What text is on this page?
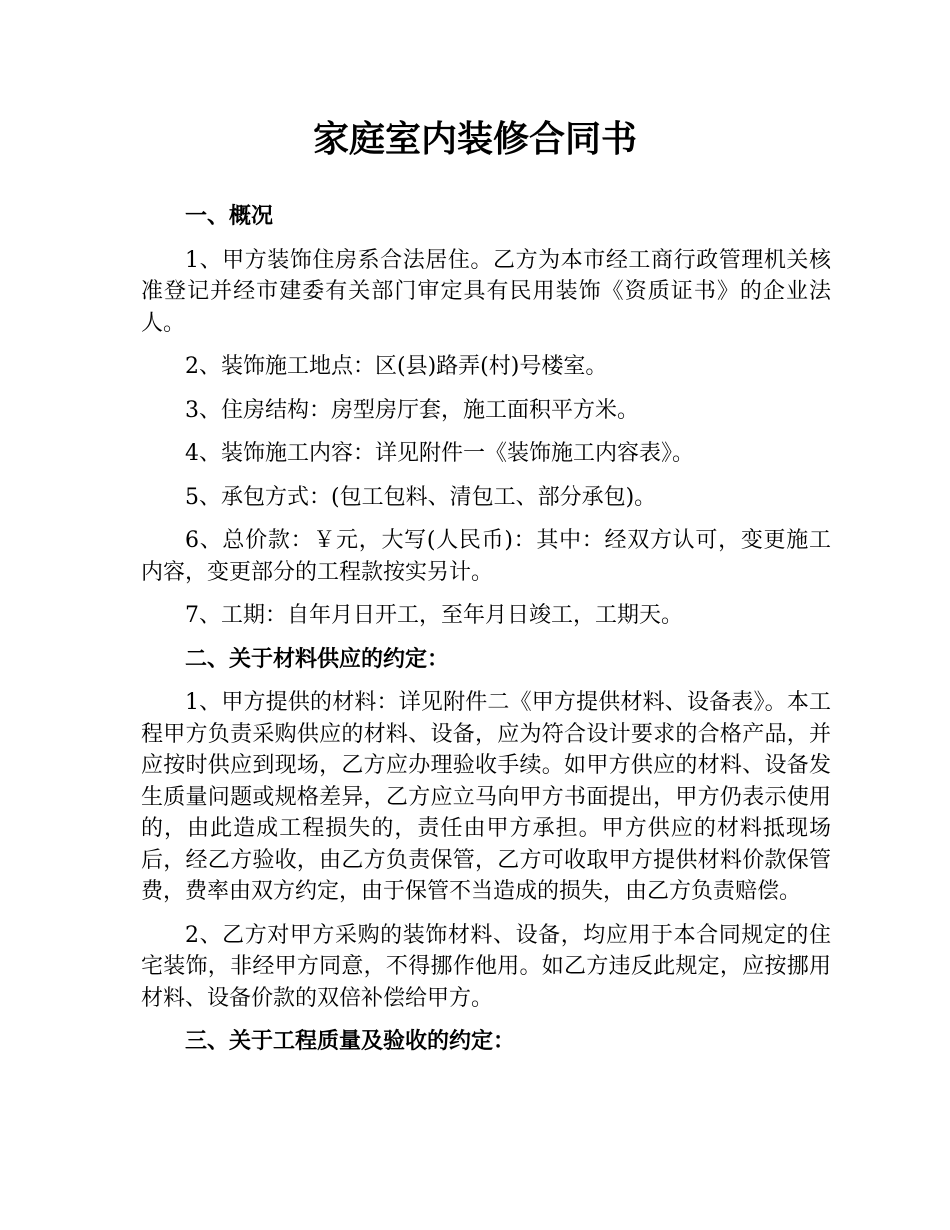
家庭室内装修合同书

一、概况

1、甲方装饰住房系合法居住。乙方为本市经工商行政管理机关核准登记并经市建委有关部门审定具有民用装饰《资质证书》的企业法人。

2、装饰施工地点：区(县)路弄(村)号楼室。

3、住房结构：房型房厅套，施工面积平方米。

4、装饰施工内容：详见附件一《装饰施工内容表》。

5、承包方式：(包工包料、清包工、部分承包)。

6、总价款：￥元，大写(人民币)：其中：经双方认可，变更施工内容，变更部分的工程款按实另计。

7、工期：自年月日开工，至年月日竣工，工期天。

二、关于材料供应的约定：

1、甲方提供的材料：详见附件二《甲方提供材料、设备表》。本工程甲方负责采购供应的材料、设备，应为符合设计要求的合格产品，并应按时供应到现场，乙方应办理验收手续。如甲方供应的材料、设备发生质量问题或规格差异，乙方应立马向甲方书面提出，甲方仍表示使用的，由此造成工程损失的，责任由甲方承担。甲方供应的材料抵现场后，经乙方验收，由乙方负责保管，乙方可收取甲方提供材料价款保管费，费率由双方约定，由于保管不当造成的损失，由乙方负责赔偿。

2、乙方对甲方采购的装饰材料、设备，均应用于本合同规定的住宅装饰，非经甲方同意，不得挪作他用。如乙方违反此规定，应按挪用材料、设备价款的双倍补偿给甲方。

三、关于工程质量及验收的约定：
